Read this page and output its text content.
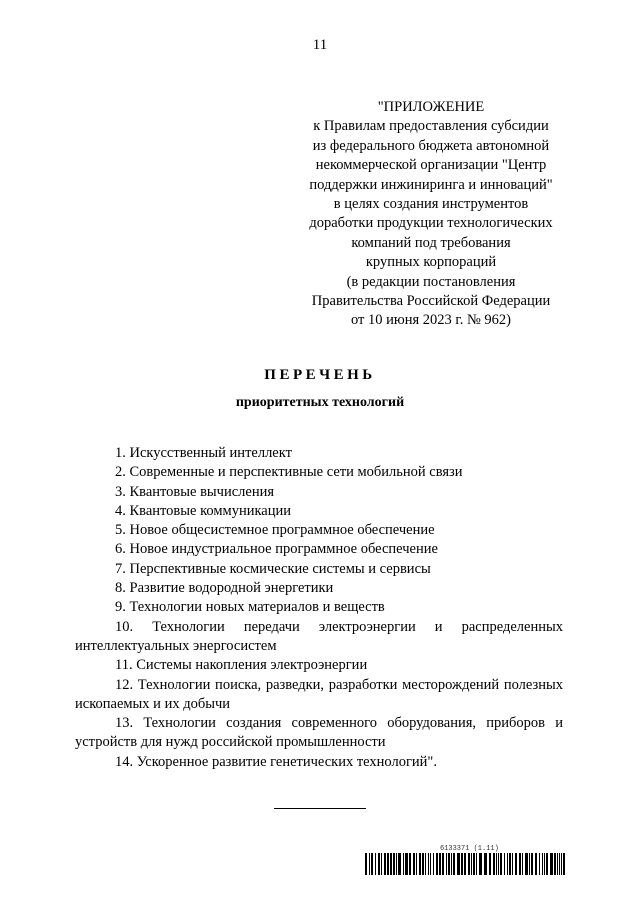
11
"ПРИЛОЖЕНИЕ
к Правилам предоставления субсидии
из федерального бюджета автономной
некоммерческой организации "Центр
поддержки инжиниринга и инноваций"
в целях создания инструментов
доработки продукции технологических
компаний под требования
крупных корпораций
(в редакции постановления
Правительства Российской Федерации
от 10 июня 2023 г. № 962)
ПЕРЕЧЕНЬ
приоритетных технологий
1. Искусственный интеллект
2. Современные и перспективные сети мобильной связи
3. Квантовые вычисления
4. Квантовые коммуникации
5. Новое общесистемное программное обеспечение
6. Новое индустриальное программное обеспечение
7. Перспективные космические системы и сервисы
8. Развитие водородной энергетики
9. Технологии новых материалов и веществ
10. Технологии передачи электроэнергии и распределенных интеллектуальных энергосистем
11. Системы накопления электроэнергии
12. Технологии поиска, разведки, разработки месторождений полезных ископаемых и их добычи
13. Технологии создания современного оборудования, приборов и устройств для нужд российской промышленности
14. Ускоренное развитие генетических технологий".
6133371 (1.11)
